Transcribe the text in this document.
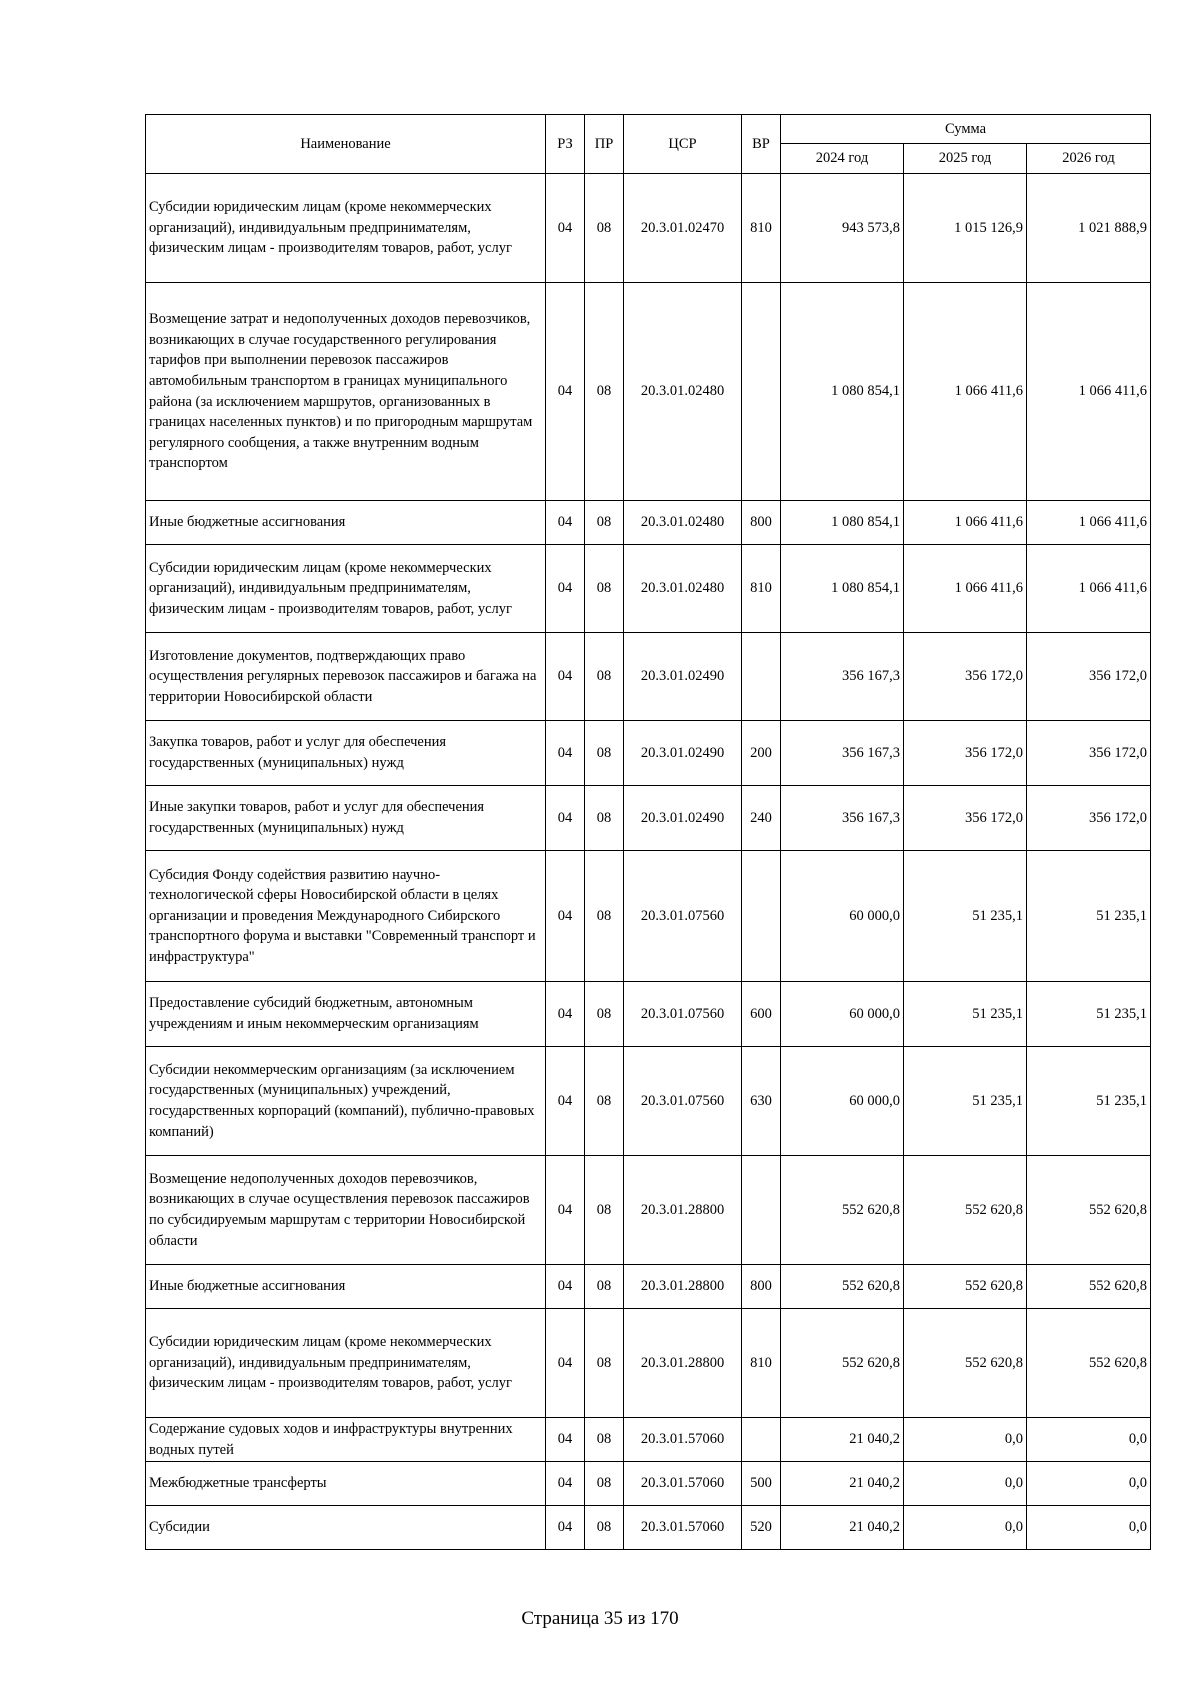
Наименование	РЗ	ПР	ЦСР	ВР	Сумма		
					2024 год	2025 год	2026 год
Субсидии юридическим лицам (кроме некоммерческих организаций), индивидуальным предпринимателям, физическим лицам - производителям товаров, работ, услуг	04	08	20.3.01.02470	810	943 573,8	1 015 126,9	1 021 888,9
Возмещение затрат и недополученных доходов перевозчиков, возникающих в случае государственного регулирования тарифов при выполнении перевозок пассажиров автомобильным транспортом в границах муниципального района (за исключением маршрутов, организованных в границах населенных пунктов) и по пригородным маршрутам регулярного сообщения, а также внутренним водным транспортом	04	08	20.3.01.02480		1 080 854,1	1 066 411,6	1 066 411,6
Иные бюджетные ассигнования	04	08	20.3.01.02480	800	1 080 854,1	1 066 411,6	1 066 411,6
Субсидии юридическим лицам (кроме некоммерческих организаций), индивидуальным предпринимателям, физическим лицам - производителям товаров, работ, услуг	04	08	20.3.01.02480	810	1 080 854,1	1 066 411,6	1 066 411,6
Изготовление документов, подтверждающих право осуществления регулярных перевозок пассажиров и багажа на территории Новосибирской области	04	08	20.3.01.02490		356 167,3	356 172,0	356 172,0
Закупка товаров, работ и услуг для обеспечения государственных (муниципальных) нужд	04	08	20.3.01.02490	200	356 167,3	356 172,0	356 172,0
Иные закупки товаров, работ и услуг для обеспечения государственных (муниципальных) нужд	04	08	20.3.01.02490	240	356 167,3	356 172,0	356 172,0
Субсидия Фонду содействия развитию научно-технологической сферы Новосибирской области в целях организации и проведения Международного Сибирского транспортного форума и выставки "Современный транспорт и инфраструктура"	04	08	20.3.01.07560		60 000,0	51 235,1	51 235,1
Предоставление субсидий бюджетным, автономным учреждениям и иным некоммерческим организациям	04	08	20.3.01.07560	600	60 000,0	51 235,1	51 235,1
Субсидии некоммерческим организациям (за исключением государственных (муниципальных) учреждений, государственных корпораций (компаний), публично-правовых компаний)	04	08	20.3.01.07560	630	60 000,0	51 235,1	51 235,1
Возмещение недополученных доходов перевозчиков, возникающих в случае осуществления перевозок пассажиров по субсидируемым маршрутам с территории Новосибирской области	04	08	20.3.01.28800		552 620,8	552 620,8	552 620,8
Иные бюджетные ассигнования	04	08	20.3.01.28800	800	552 620,8	552 620,8	552 620,8
Субсидии юридическим лицам (кроме некоммерческих организаций), индивидуальным предпринимателям, физическим лицам - производителям товаров, работ, услуг	04	08	20.3.01.28800	810	552 620,8	552 620,8	552 620,8
Содержание судовых ходов и инфраструктуры внутренних водных путей	04	08	20.3.01.57060		21 040,2	0,0	0,0
Межбюджетные трансферты	04	08	20.3.01.57060	500	21 040,2	0,0	0,0
Субсидии	04	08	20.3.01.57060	520	21 040,2	0,0	0,0
Страница 35 из 170
